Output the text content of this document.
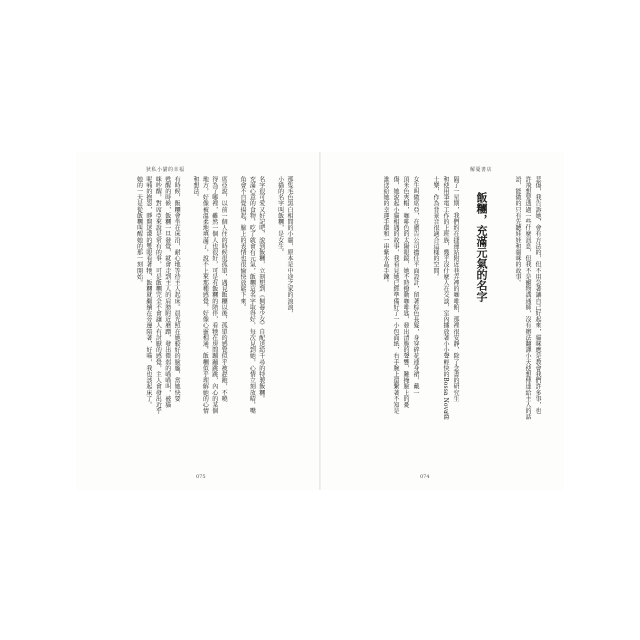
狄私小貓的幸福
那隻毛色黑白相間的小貓，原本是中途之家的浪浪，
小貓的名字叫飯糰，是女生。
名字很可愛又好記吧，說到飯糰，立刻想到《飼養少女》自配送給千尋的特製飯糰。
充滿心意的食物，吃了就會有元氣，飯糰這名字取得好，每次見到她，心情立刻放晴，嘴
角會不自覺揚起，臉上的表情也很愉快放鬆下來。
席亞說，以前一個人住的時候很孤單，遇見飯糰以後，孤單的感覺似乎被趕跑，不曉
得為了哪裡，雖然一個人也很好，可是有飯糰的陪伴，看牠在房間蹦蹦跳跳，內心的某個
地方，好像被溫柔地填滿了，說不上來那種感覺，好像心靈相通，飯糰似乎理解她的心情
和想法。
有時候，飯糰會坐在床沿，耐心地等待主人起床。晨光照在她較好的臉龐，當她快要
甦醒的時候，飯糰一旦發覺，就會走到主人的肩膀附近磨蹭，發出微弱的喵喵叫，被貓
咪吵醒，對席亞來說是常有的事，可是飯糰完全不會讓人有討厭的感覺，主人會發出近乎
呢喃的抱怨，睜開迷濛的雙眼看著牠，飯糰就繼續在旁邊陪著，好喵，我也該起床了。
她的一天是從飯糰叫醒她的那一刻開始。
075
解憂書店
悲傷，我告訴她，會有方法的，但不用急著讓自己好起來，貓咪應是教會我們許多事，也
許飛想要透過一些什麼訊息，但我不是寵物溝通師，沒有辦法翻譯小天使想傳達給主人的話
語，能做的只有先聽娃娃和貓咪的故事。
飯糰，充滿元氣的名字
隔了一星期，我們約在捷運站附近巷弄裡的咖啡館，那裡很安靜，除了念書的研究生
和使用筆電工作的上班族，幾乎沒什麼人在交談，室內播放著小小聲輕快的Bossa Nova爵
士樂，作為背景音很適合這樣的空間。
女生叫做席亞，在廣告公司擔任平面設計，留著棕色長髮，身穿碎花連身裙，戴一
頂米色夾帽，咖啡色的太陽眼鏡，她不時撥動咖啡匙，發出清脆的聲響，難掩臉上的憂
傷，她說起小貓相遇的故事，我看見她已經準備好了一小包面紙，右手腕上還繫著不知是
誰送給她的幸運手環和一串紫水晶手鍊。
074
